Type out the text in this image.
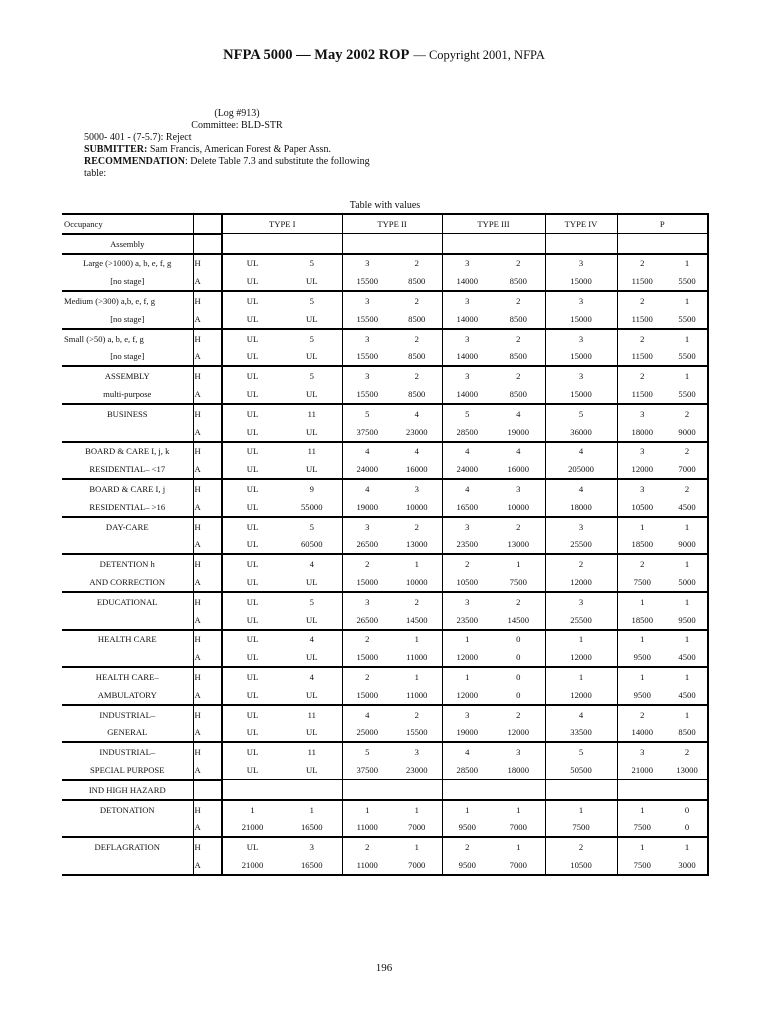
NFPA 5000 — May 2002 ROP — Copyright 2001, NFPA
(Log #913)
Committee: BLD-STR
5000- 401 - (7-5.7): Reject
SUBMITTER: Sam Francis, American Forest & Paper Assn.
RECOMMENDATION: Delete Table 7.3 and substitute the following table:
Table with values
Occupancy		TYPE I		TYPE II		TYPE III		TYPE IV	P	
Assembly										
Large (>1000) a, b, e, f, g	H	UL	5	3	2	3	2	3	2	1
[no stage]	A	UL	UL	15500	8500	14000	8500	15000	11500	5500
Medium (>300) a,b, e, f, g	H	UL	5	3	2	3	2	3	2	1
[no stage]	A	UL	UL	15500	8500	14000	8500	15000	11500	5500
Small (>50) a, b, e, f, g	H	UL	5	3	2	3	2	3	2	1
[no stage]	A	UL	UL	15500	8500	14000	8500	15000	11500	5500
ASSEMBLY	H	UL	5	3	2	3	2	3	2	1
multi-purpose	A	UL	UL	15500	8500	14000	8500	15000	11500	5500
BUSINESS	H	UL	11	5	4	5	4	5	3	2
	A	UL	UL	37500	23000	28500	19000	36000	18000	9000
BOARD & CARE I, j, k	H	UL	11	4	4	4	4	4	3	2
RESIDENTIAL– <17	A	UL	UL	24000	16000	24000	16000	205000	12000	7000
BOARD & CARE I, j	H	UL	9	4	3	4	3	4	3	2
RESIDENTIAL– >16	A	UL	55000	19000	10000	16500	10000	18000	10500	4500
DAY-CARE	H	UL	5	3	2	3	2	3	1	1
	A	UL	60500	26500	13000	23500	13000	25500	18500	9000
DETENTION h	H	UL	4	2	1	2	1	2	2	1
AND CORRECTION	A	UL	UL	15000	10000	10500	7500	12000	7500	5000
EDUCATIONAL	H	UL	5	3	2	3	2	3	1	1
	A	UL	UL	26500	14500	23500	14500	25500	18500	9500
HEALTH CARE	H	UL	4	2	1	1	0	1	1	1
	A	UL	UL	15000	11000	12000	0	12000	9500	4500
HEALTH CARE–	H	UL	4	2	1	1	0	1	1	1
AMBULATORY	A	UL	UL	15000	11000	12000	0	12000	9500	4500
INDUSTRIAL–	H	UL	11	4	2	3	2	4	2	1
GENERAL	A	UL	UL	25000	15500	19000	12000	33500	14000	8500
INDUSTRIAL–	H	UL	11	5	3	4	3	5	3	2
SPECIAL PURPOSE	A	UL	UL	37500	23000	28500	18000	50500	21000	13000
IND HIGH HAZARD										
DETONATION	H	1	1	1	1	1	1	1	1	0
	A	21000	16500	11000	7000	9500	7000	7500	7500	0
DEFLAGRATION	H	UL	3	2	1	2	1	2	1	1
	A	21000	16500	11000	7000	9500	7000	10500	7500	3000
196
